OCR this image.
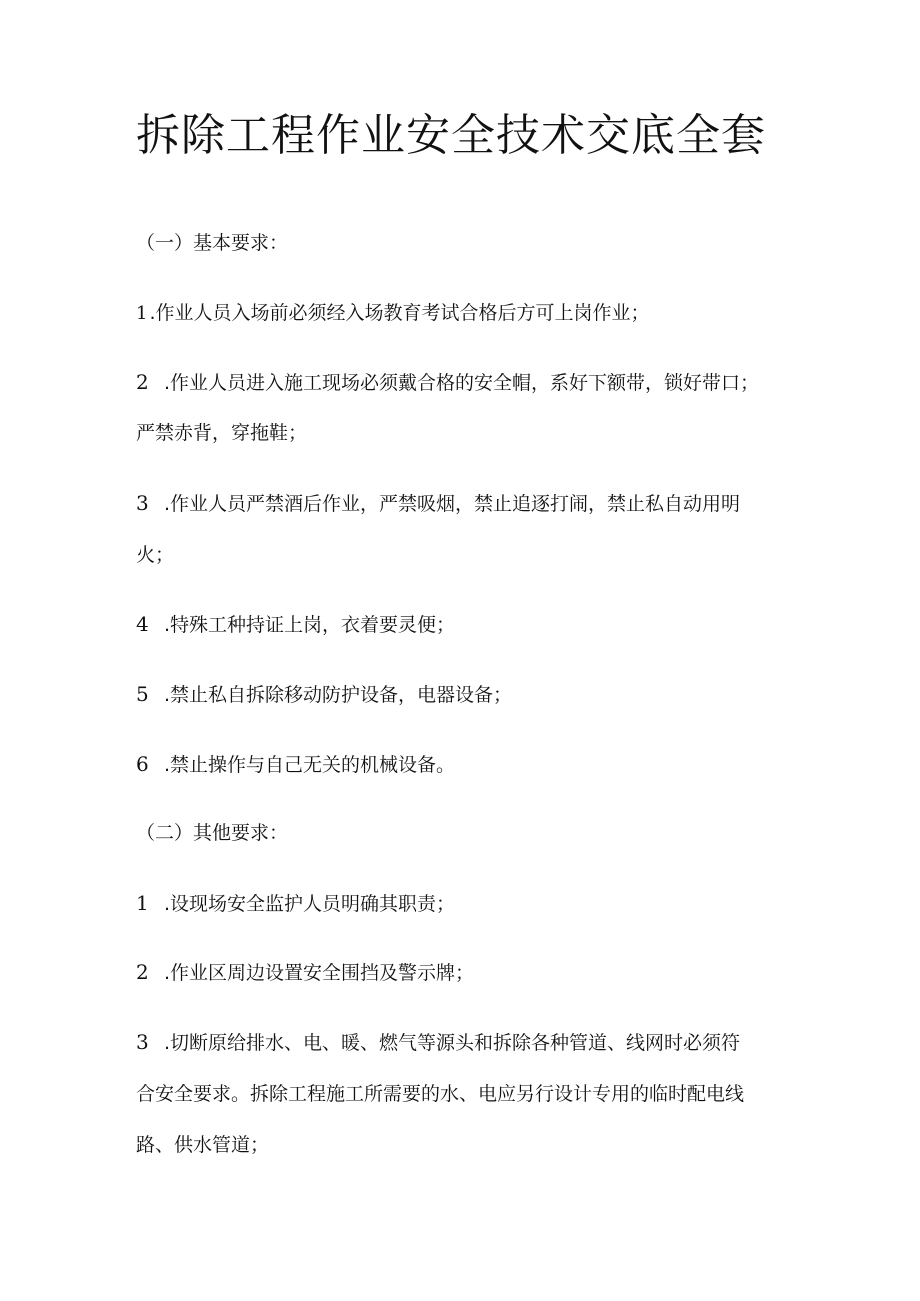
拆除工程作业安全技术交底全套
（一）基本要求：
1 .作业人员入场前必须经入场教育考试合格后方可上岗作业；
2 .作业人员进入施工现场必须戴合格的安全帽，系好下额带，锁好带口；
严禁赤背，穿拖鞋；
3 .作业人员严禁酒后作业，严禁吸烟，禁止追逐打闹，禁止私自动用明
火；
4 .特殊工种持证上岗，衣着要灵便；
5 .禁止私自拆除移动防护设备，电器设备；
6 .禁止操作与自己无关的机械设备。
（二）其他要求：
1 .设现场安全监护人员明确其职责；
2 .作业区周边设置安全围挡及警示牌；
3 .切断原给排水、电、暖、燃气等源头和拆除各种管道、线网时必须符
合安全要求。拆除工程施工所需要的水、电应另行设计专用的临时配电线
路、供水管道；
